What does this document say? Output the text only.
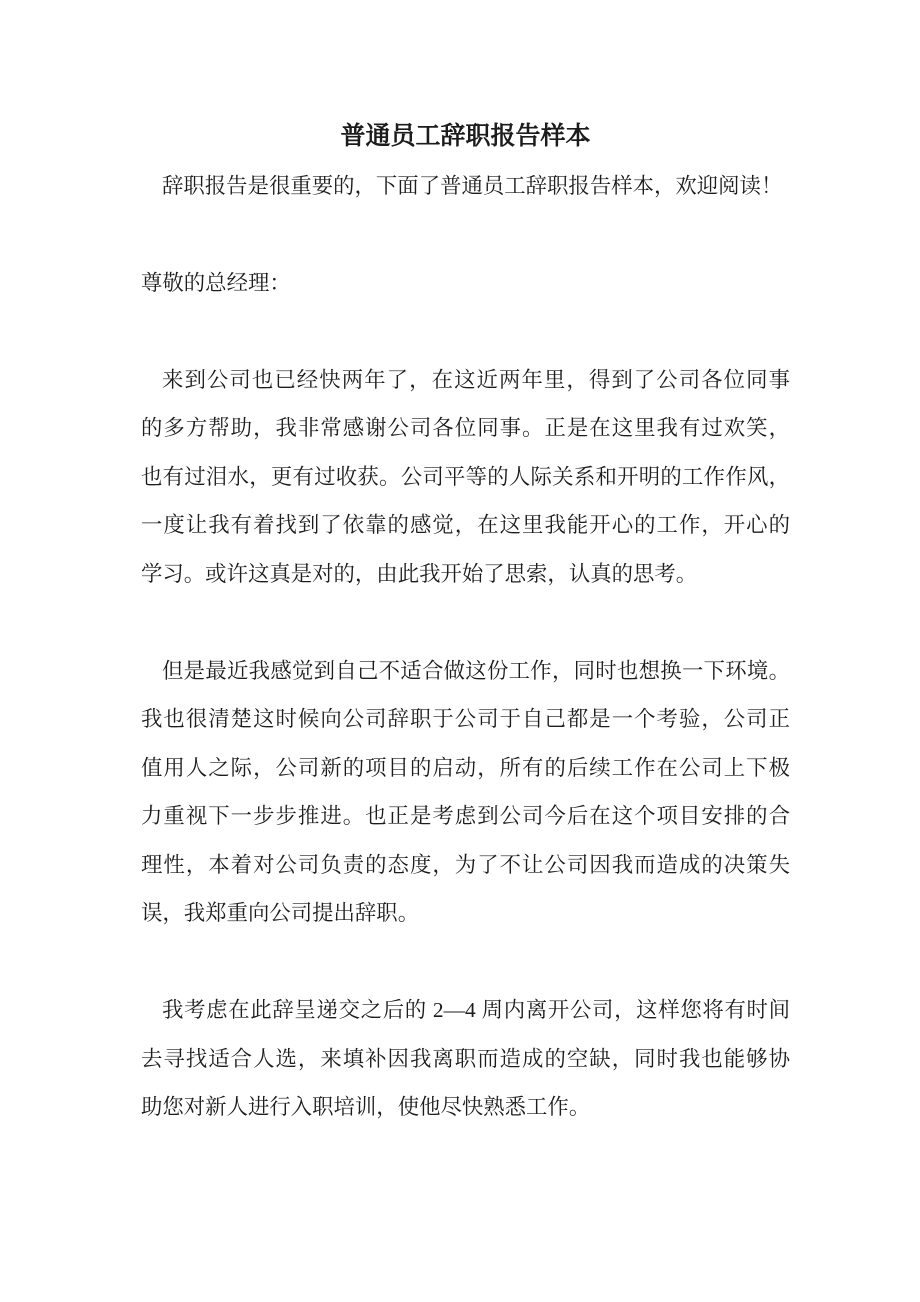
普通员工辞职报告样本
辞职报告是很重要的，下面了普通员工辞职报告样本，欢迎阅读！
尊敬的总经理：
来到公司也已经快两年了，在这近两年里，得到了公司各位同事
的多方帮助，我非常感谢公司各位同事。正是在这里我有过欢笑，
也有过泪水，更有过收获。公司平等的人际关系和开明的工作作风，
一度让我有着找到了依靠的感觉，在这里我能开心的工作，开心的
学习。或许这真是对的，由此我开始了思索，认真的思考。
但是最近我感觉到自己不适合做这份工作，同时也想换一下环境。
我也很清楚这时候向公司辞职于公司于自己都是一个考验，公司正
值用人之际，公司新的项目的启动，所有的后续工作在公司上下极
力重视下一步步推进。也正是考虑到公司今后在这个项目安排的合
理性，本着对公司负责的态度，为了不让公司因我而造成的决策失
误，我郑重向公司提出辞职。
我考虑在此辞呈递交之后的 2—4 周内离开公司，这样您将有时间
去寻找适合人选，来填补因我离职而造成的空缺，同时我也能够协
助您对新人进行入职培训，使他尽快熟悉工作。
